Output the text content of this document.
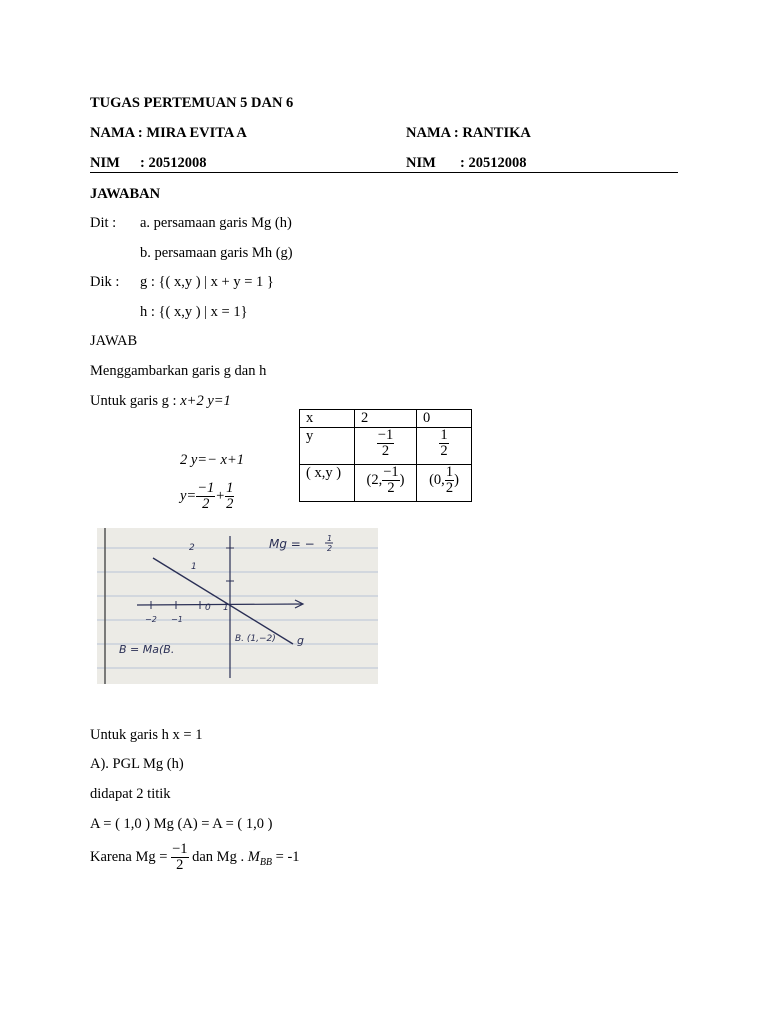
TUGAS PERTEMUAN 5 DAN 6
NAMA : MIRA EVITA A	NAMA : RANTIKA
NIM : 20512008	NIM : 20512008
JAWABAN
Dit : a. persamaan garis Mg (h)
b. persamaan garis Mh (g)
Dik : g : {( x,y ) | x + y = 1 }
h : {( x,y ) | x = 1}
JAWAB
Menggambarkan garis g dan h
Untuk garis g : x+2 y=1
2 y=− x+1
$y= \frac{-1}{2} + \frac{1}{2}$
x	2	0
y	$\frac{-1}{2}$	$\frac{1}{2}$

( x,y )	(2, $\frac{-1}{2}$ )	(0, $\frac{1}{2}$ )
Mg = − 1
2
2
1
0 1
−2 −1
B. (1,−2) g
B = Ma(B.
Untuk garis h x = 1
A). PGL Mg (h)
didapat 2 titik
A = ( 1,0 ) Mg (A) = A = ( 1,0 )
Karena $Mg = \frac{-1}{2}$ dan Mg . $M_{BB} = -1$
